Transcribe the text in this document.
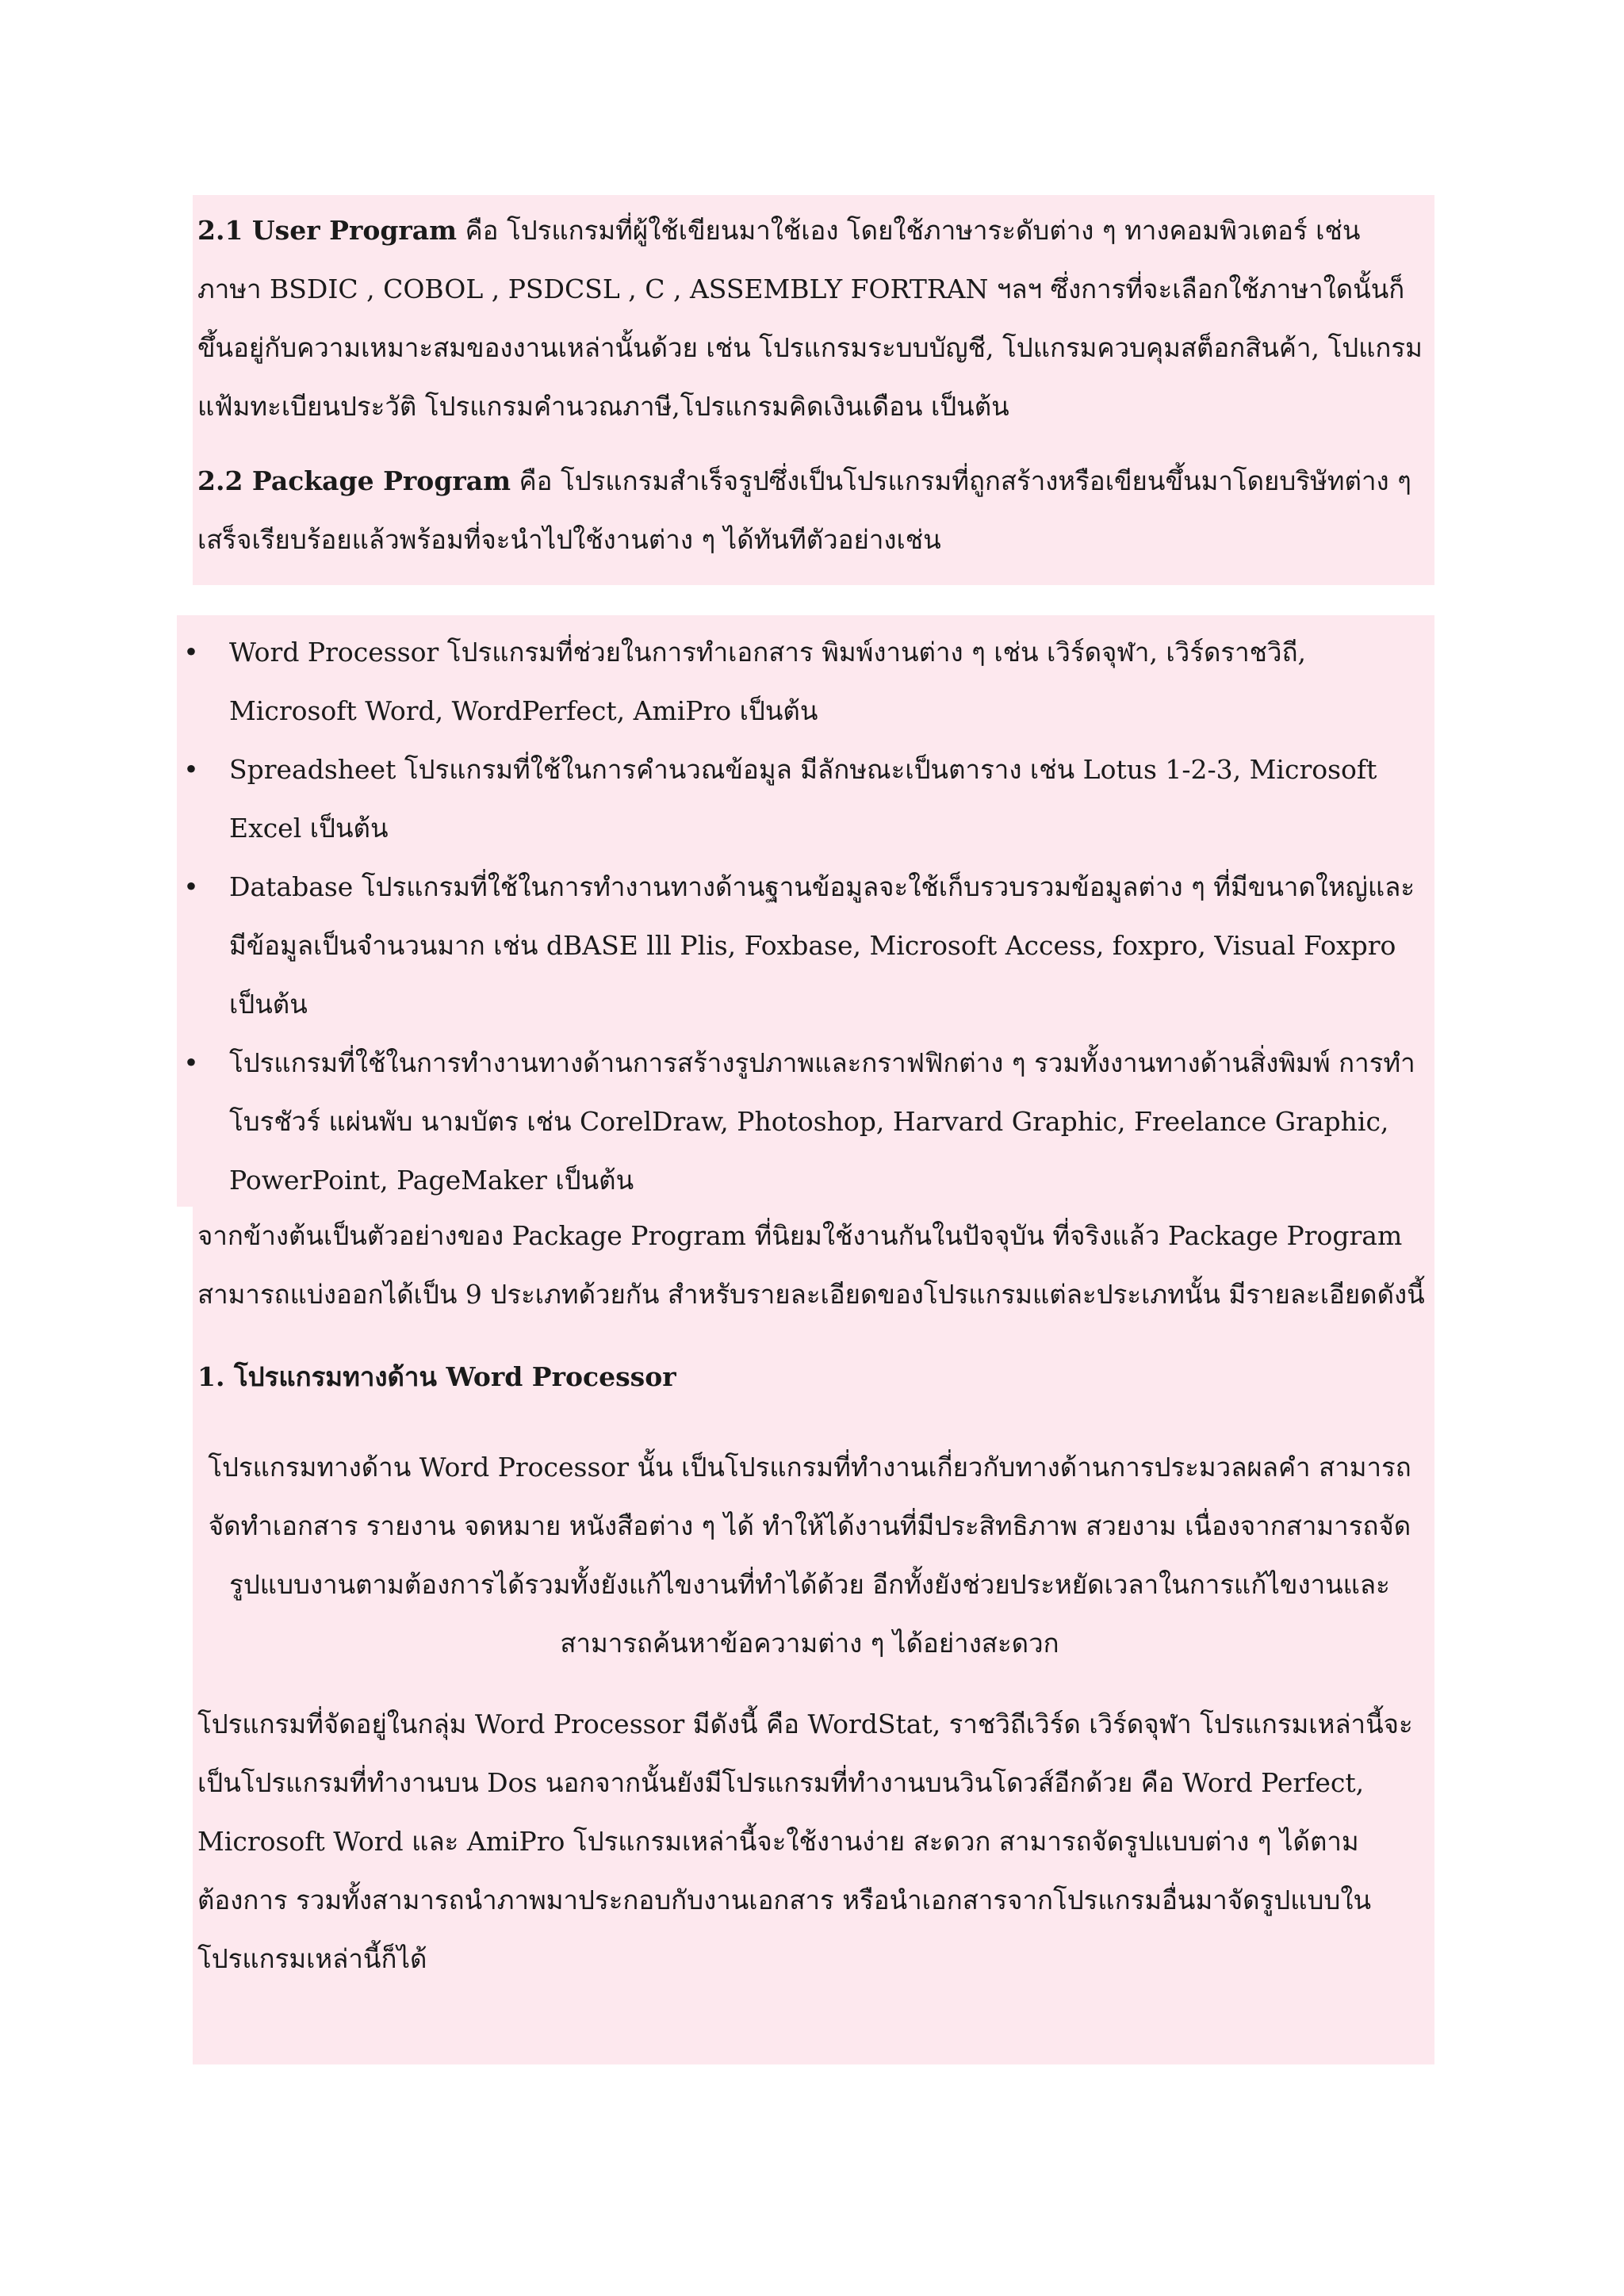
2.1 User Program คือ โปรแกรมที่ผู้ใช้เขียนมาใช้เอง โดยใช้ภาษาระดับต่าง ๆ ทางคอมพิวเตอร์ เช่น ภาษา BSDIC , COBOL , PSDCSL , C , ASSEMBLY FORTRAN ฯลฯ ซึ่งการที่จะเลือกใช้ภาษาใดนั้นก็ขึ้นอยู่กับความเหมาะสมของงานเหล่านั้นด้วย เช่น โปรแกรมระบบบัญชี, โปแกรมควบคุมสต็อกสินค้า, โปแกรมแฟ้มทะเบียนประวัติ โปรแกรมคำนวณภาษี,โปรแกรมคิดเงินเดือน เป็นต้น

2.2 Package Program คือ โปรแกรมสำเร็จรูปซึ่งเป็นโปรแกรมที่ถูกสร้างหรือเขียนขึ้นมาโดยบริษัทต่าง ๆ เสร็จเรียบร้อยแล้วพร้อมที่จะนำไปใช้งานต่าง ๆ ได้ทันทีตัวอย่างเช่น

• Word Processor โปรแกรมที่ช่วยในการทำเอกสาร พิมพ์งานต่าง ๆ เช่น เวิร์ดจุฬา, เวิร์ดราชวิถี, Microsoft Word, WordPerfect, AmiPro เป็นต้น
• Spreadsheet โปรแกรมที่ใช้ในการคำนวณข้อมูล มีลักษณะเป็นตาราง เช่น Lotus 1-2-3, Microsoft Excel เป็นต้น
• Database โปรแกรมที่ใช้ในการทำงานทางด้านฐานข้อมูลจะใช้เก็บรวบรวมข้อมูลต่าง ๆ ที่มีขนาดใหญ่และมีข้อมูลเป็นจำนวนมาก เช่น dBASE lll Plis, Foxbase, Microsoft Access, foxpro, Visual Foxpro เป็นต้น
• โปรแกรมที่ใช้ในการทำงานทางด้านการสร้างรูปภาพและกราฟฟิกต่าง ๆ รวมทั้งงานทางด้านสิ่งพิมพ์ การทำโบรชัวร์ แผ่นพับ นามบัตร เช่น CorelDraw, Photoshop, Harvard Graphic, Freelance Graphic, PowerPoint, PageMaker เป็นต้น

จากข้างต้นเป็นตัวอย่างของ Package Program ที่นิยมใช้งานกันในปัจจุบัน ที่จริงแล้ว Package Program สามารถแบ่งออกได้เป็น 9 ประเภทด้วยกัน สำหรับรายละเอียดของโปรแกรมแต่ละประเภทนั้น มีรายละเอียดดังนี้

1. โปรแกรมทางด้าน Word Processor

โปรแกรมทางด้าน Word Processor นั้น เป็นโปรแกรมที่ทำงานเกี่ยวกับทางด้านการประมวลผลคำ สามารถจัดทำเอกสาร รายงาน จดหมาย หนังสือต่าง ๆ ได้ ทำให้ได้งานที่มีประสิทธิภาพ สวยงาม เนื่องจากสามารถจัดรูปแบบงานตามต้องการได้รวมทั้งยังแก้ไขงานที่ทำได้ด้วย อีกทั้งยังช่วยประหยัดเวลาในการแก้ไขงานและสามารถค้นหาข้อความต่าง ๆ ได้อย่างสะดวก

โปรแกรมที่จัดอยู่ในกลุ่ม Word Processor มีดังนี้ คือ WordStat, ราชวิถีเวิร์ด เวิร์ดจุฬา โปรแกรมเหล่านี้จะเป็นโปรแกรมที่ทำงานบน Dos นอกจากนั้นยังมีโปรแกรมที่ทำงานบนวินโดวส์อีกด้วย คือ Word Perfect, Microsoft Word และ AmiPro โปรแกรมเหล่านี้จะใช้งานง่าย สะดวก สามารถจัดรูปแบบต่าง ๆ ได้ตามต้องการ รวมทั้งสามารถนำภาพมาประกอบกับงานเอกสาร หรือนำเอกสารจากโปรแกรมอื่นมาจัดรูปแบบในโปรแกรมเหล่านี้ก็ได้
